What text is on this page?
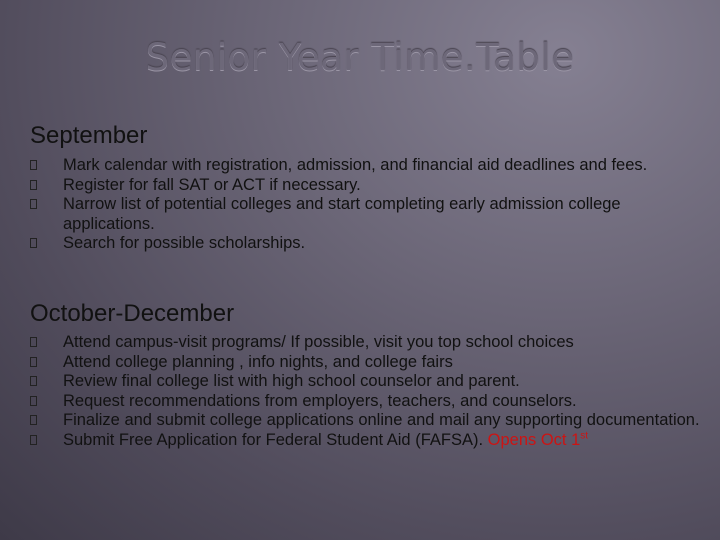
Senior Year Time.Table
September
Mark calendar with registration, admission, and financial aid deadlines and fees.
Register for fall SAT or ACT if necessary.
Narrow list of potential colleges and start completing early admission college applications.
Search for possible scholarships.
October-December
Attend campus-visit programs/ If possible, visit you top school choices
Attend college planning , info nights, and college fairs
Review final college list with high school counselor and parent.
Request recommendations from employers, teachers, and counselors.
Finalize and submit college applications online and mail any supporting documentation.
Submit Free Application for Federal Student Aid (FAFSA). Opens Oct 1st
